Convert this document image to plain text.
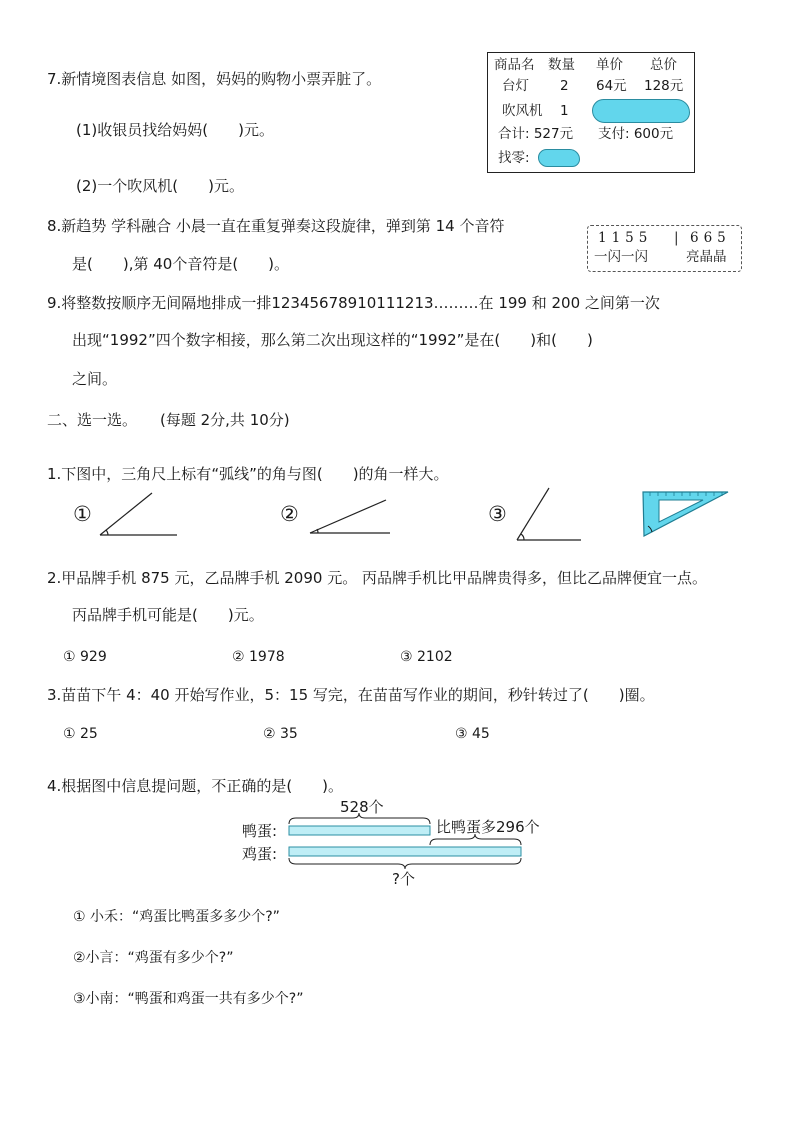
7.新情境图表信息 如图，妈妈的购物小票弄脏了。
(1)收银员找给妈妈(　　)元。
(2)一个吹风机(　　)元。
商品名 数量 单价 总价
台灯 2 64元 128元
吹风机 1
合计: 527元 支付: 600元
找零:
8.新趋势 学科融合 小晨一直在重复弹奏这段旋律，弹到第 14 个音符
是(　　),第 40个音符是(　　)。
1155 | 665
一闪一闪	亮晶晶
9.将整数按顺序无间隔地排成一排12345678910111213………在 199 和 200 之间第一次
出现“1992”四个数字相接，那么第二次出现这样的“1992”是在(　　)和(　　)
之间。
二、选一选。 (每题 2分,共 10分)
1.下图中，三角尺上标有“弧线”的角与图(　　)的角一样大。
①	②	③
2.甲品牌手机 875 元，乙品牌手机 2090 元。 丙品牌手机比甲品牌贵得多，但比乙品牌便宜一点。
丙品牌手机可能是(　　)元。
① 929	② 1978	③ 2102
3.苗苗下午 4：40 开始写作业，5：15 写完，在苗苗写作业的期间，秒针转过了(　　)圈。
① 25	② 35	③ 45
4.根据图中信息提问题，不正确的是(　　)。
528个
鸭蛋:	比鸭蛋多296个
鸡蛋:
?个
① 小禾：“鸡蛋比鸭蛋多多少个?”
②小言：“鸡蛋有多少个?”
③小南：“鸭蛋和鸡蛋一共有多少个?”
